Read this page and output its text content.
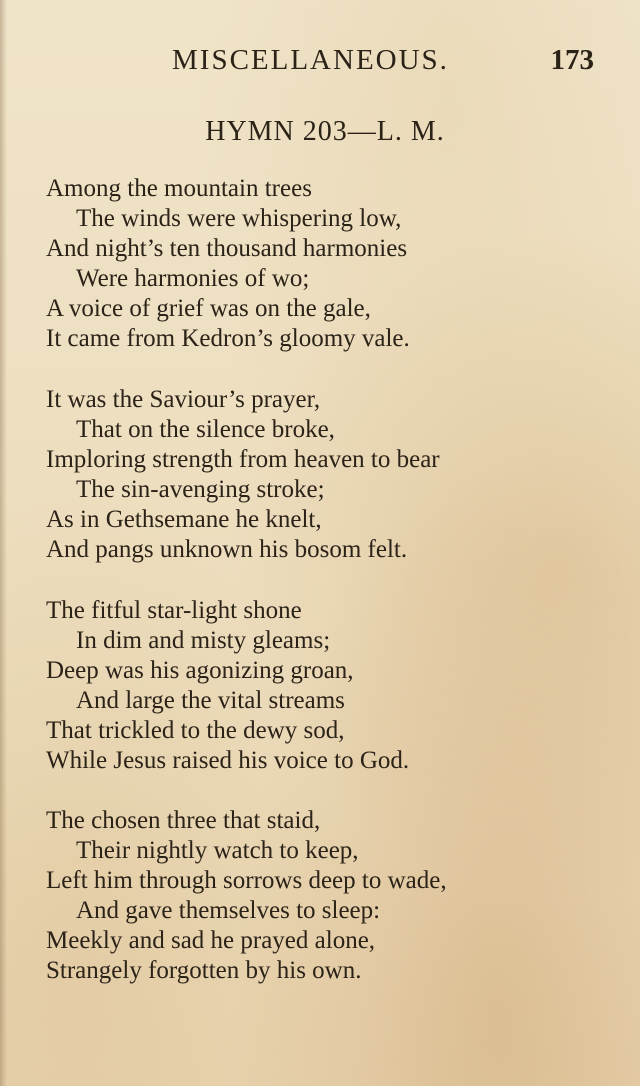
MISCELLANEOUS.	173
HYMN 203—L. M.
Among the mountain trees
The winds were whispering low,
And night’s ten thousand harmonies
Were harmonies of wo;
A voice of grief was on the gale,
It came from Kedron’s gloomy vale.
It was the Saviour’s prayer,
That on the silence broke,
Imploring strength from heaven to bear
The sin-avenging stroke;
As in Gethsemane he knelt,
And pangs unknown his bosom felt.
The fitful star-light shone
In dim and misty gleams;
Deep was his agonizing groan,
And large the vital streams
That trickled to the dewy sod,
While Jesus raised his voice to God.
The chosen three that staid,
Their nightly watch to keep,
Left him through sorrows deep to wade,
And gave themselves to sleep:
Meekly and sad he prayed alone,
Strangely forgotten by his own.
